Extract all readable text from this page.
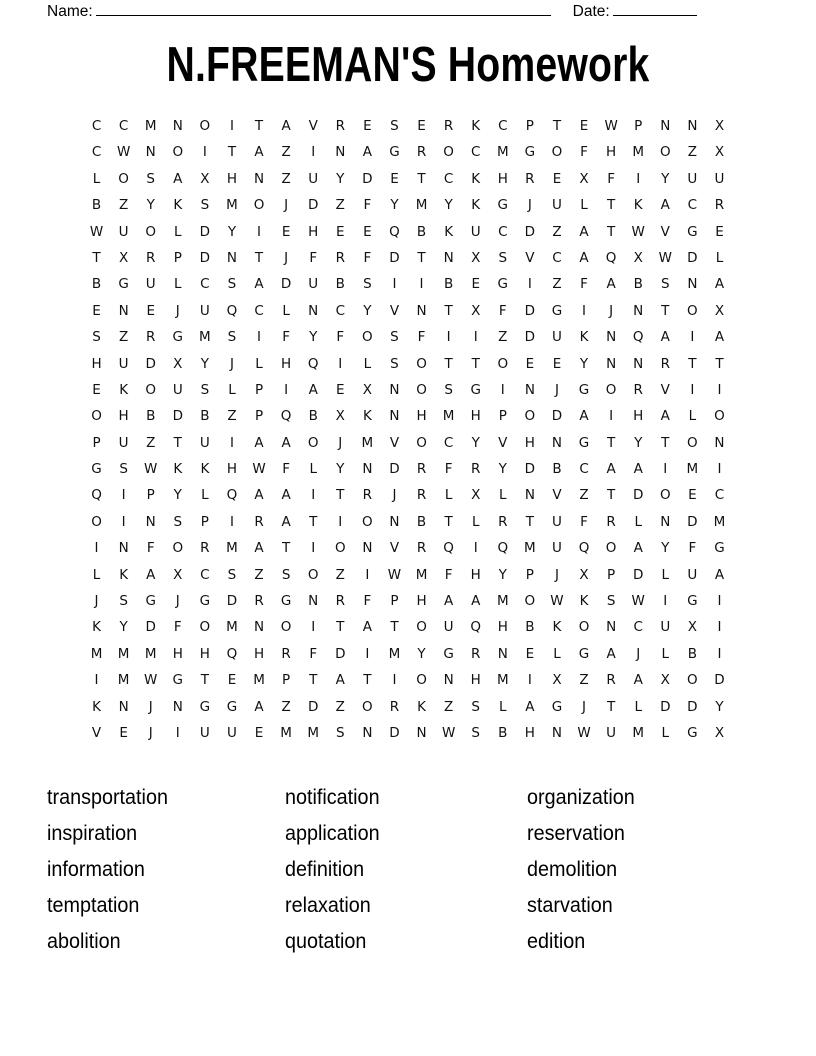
Name:	Date:
N.FREEMAN'S Homework
C	C	M	N	O	I	T	A	V	R	E	S	E	R	K	C	P	T	E	W	P	N	N	X
C	W	N	O	I	T	A	Z	I	N	A	G	R	O	C	M	G	O	F	H	M	O	Z	X
L	O	S	A	X	H	N	Z	U	Y	D	E	T	C	K	H	R	E	X	F	I	Y	U	U
B	Z	Y	K	S	M	O	J	D	Z	F	Y	M	Y	K	G	J	U	L	T	K	A	C	R
W	U	O	L	D	Y	I	E	H	E	E	Q	B	K	U	C	D	Z	A	T	W	V	G	E
T	X	R	P	D	N	T	J	F	R	F	D	T	N	X	S	V	C	A	Q	X	W	D	L
B	G	U	L	C	S	A	D	U	B	S	I	I	B	E	G	I	Z	F	A	B	S	N	A
E	N	E	J	U	Q	C	L	N	C	Y	V	N	T	X	F	D	G	I	J	N	T	O	X
S	Z	R	G	M	S	I	F	Y	F	O	S	F	I	I	Z	D	U	K	N	Q	A	I	A
H	U	D	X	Y	J	L	H	Q	I	L	S	O	T	T	O	E	E	Y	N	N	R	T	T
E	K	O	U	S	L	P	I	A	E	X	N	O	S	G	I	N	J	G	O	R	V	I	I
O	H	B	D	B	Z	P	Q	B	X	K	N	H	M	H	P	O	D	A	I	H	A	L	O
P	U	Z	T	U	I	A	A	O	J	M	V	O	C	Y	V	H	N	G	T	Y	T	O	N
G	S	W	K	K	H	W	F	L	Y	N	D	R	F	R	Y	D	B	C	A	A	I	M	I
Q	I	P	Y	L	Q	A	A	I	T	R	J	R	L	X	L	N	V	Z	T	D	O	E	C
O	I	N	S	P	I	R	A	T	I	O	N	B	T	L	R	T	U	F	R	L	N	D	M
I	N	F	O	R	M	A	T	I	O	N	V	R	Q	I	Q	M	U	Q	O	A	Y	F	G
L	K	A	X	C	S	Z	S	O	Z	I	W	M	F	H	Y	P	J	X	P	D	L	U	A
J	S	G	J	G	D	R	G	N	R	F	P	H	A	A	M	O	W	K	S	W	I	G	I
K	Y	D	F	O	M	N	O	I	T	A	T	O	U	Q	H	B	K	O	N	C	U	X	I
M	M	M	H	H	Q	H	R	F	D	I	M	Y	G	R	N	E	L	G	A	J	L	B	I
I	M	W	G	T	E	M	P	T	A	T	I	O	N	H	M	I	X	Z	R	A	X	O	D
K	N	J	N	G	G	A	Z	D	Z	O	R	K	Z	S	L	A	G	J	T	L	D	D	Y
V	E	J	I	U	U	E	M	M	S	N	D	N	W	S	B	H	N	W	U	M	L	G	X
transportation	notification	organization
inspiration	application	reservation
information	definition	demolition
temptation	relaxation	starvation
abolition	quotation	edition
